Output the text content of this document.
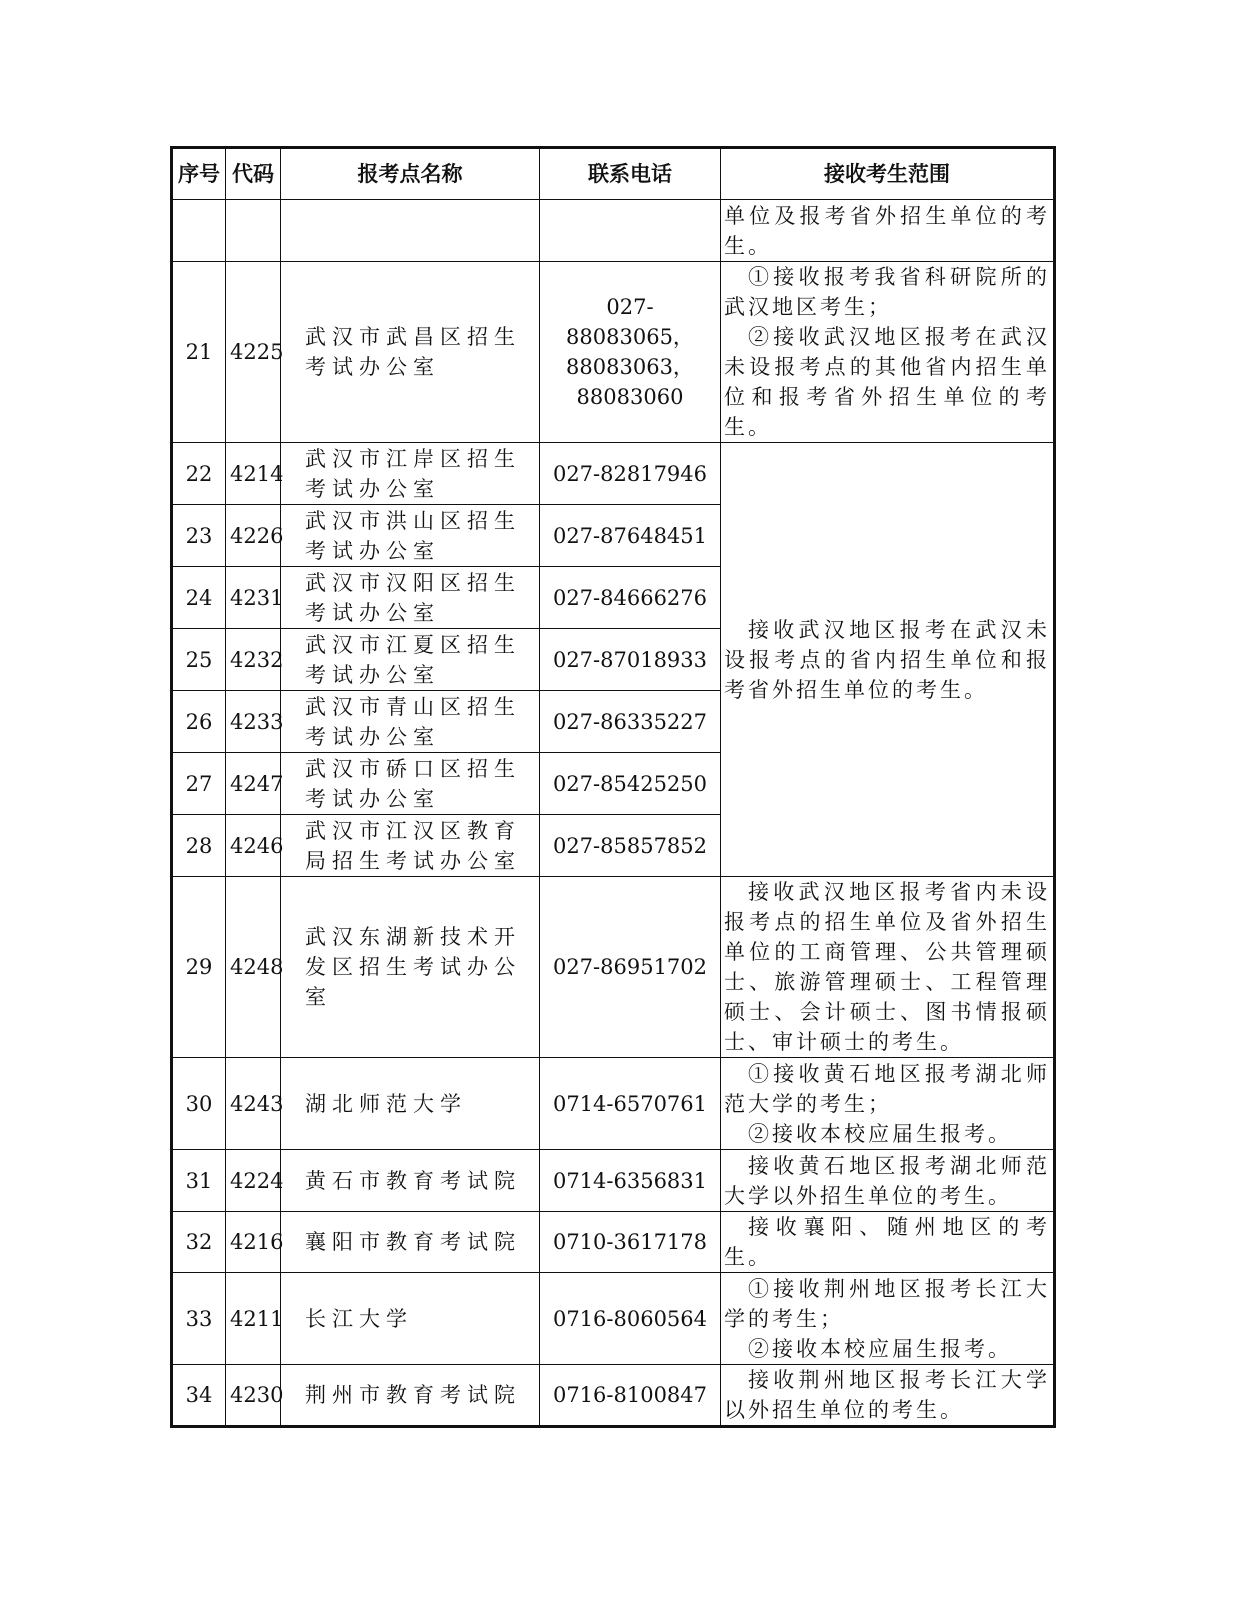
序号	代码	报考点名称	联系电话	接收考生范围
				单位及报考省外招生单位的考生。
21	4225	武汉市武昌区招生考试办公室	027-88083065，88083063，88083060	①接收报考我省科研院所的武汉地区考生；
②接收武汉地区报考在武汉未设报考点的其他省内招生单位和报考省外招生单位的考生。

22	4214	武汉市江岸区招生考试办公室	027-82817946	接收武汉地区报考在武汉未设报考点的省内招生单位和报考省外招生单位的考生。

23	4226	武汉市洪山区招生考试办公室	027-87648451	
24	4231	武汉市汉阳区招生考试办公室	027-84666276	
25	4232	武汉市江夏区招生考试办公室	027-87018933	
26	4233	武汉市青山区招生考试办公室	027-86335227	
27	4247	武汉市硚口区招生考试办公室	027-85425250	
28	4246	武汉市江汉区教育局招生考试办公室	027-85857852	
29	4248	武汉东湖新技术开发区招生考试办公室	027-86951702	接收武汉地区报考省内未设报考点的招生单位及省外招生单位的工商管理、公共管理硕士、旅游管理硕士、工程管理硕士、会计硕士、图书情报硕士、审计硕士的考生。

30	4243	湖北师范大学	0714-6570761	①接收黄石地区报考湖北师范大学的考生；
②接收本校应届生报考。

31	4224	黄石市教育考试院	0714-6356831	接收黄石地区报考湖北师范大学以外招生单位的考生。

32	4216	襄阳市教育考试院	0710-3617178	接收襄阳、随州地区的考生。

33	4211	长江大学	0716-8060564	①接收荆州地区报考长江大学的考生；
②接收本校应届生报考。

34	4230	荆州市教育考试院	0716-8100847	接收荆州地区报考长江大学以外招生单位的考生。
